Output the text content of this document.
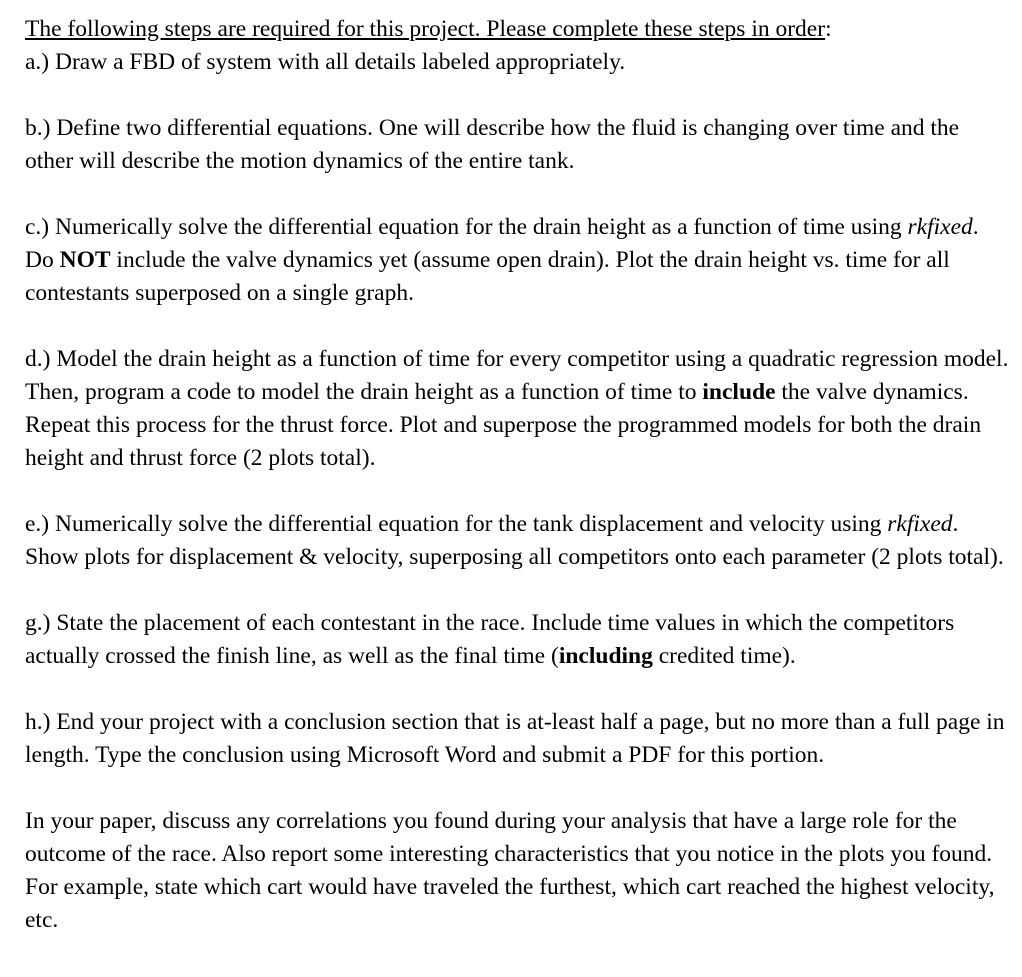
The following steps are required for this project. Please complete these steps in order:

a.) Draw a FBD of system with all details labeled appropriately.

b.) Define two differential equations. One will describe how the fluid is changing over time and the other will describe the motion dynamics of the entire tank.

c.) Numerically solve the differential equation for the drain height as a function of time using rkfixed. Do NOT include the valve dynamics yet (assume open drain). Plot the drain height vs. time for all contestants superposed on a single graph.

d.) Model the drain height as a function of time for every competitor using a quadratic regression model. Then, program a code to model the drain height as a function of time to include the valve dynamics. Repeat this process for the thrust force. Plot and superpose the programmed models for both the drain height and thrust force (2 plots total).

e.) Numerically solve the differential equation for the tank displacement and velocity using rkfixed. Show plots for displacement & velocity, superposing all competitors onto each parameter (2 plots total).

g.) State the placement of each contestant in the race. Include time values in which the competitors actually crossed the finish line, as well as the final time (including credited time).

h.) End your project with a conclusion section that is at-least half a page, but no more than a full page in length. Type the conclusion using Microsoft Word and submit a PDF for this portion.

In your paper, discuss any correlations you found during your analysis that have a large role for the outcome of the race. Also report some interesting characteristics that you notice in the plots you found. For example, state which cart would have traveled the furthest, which cart reached the highest velocity, etc.
